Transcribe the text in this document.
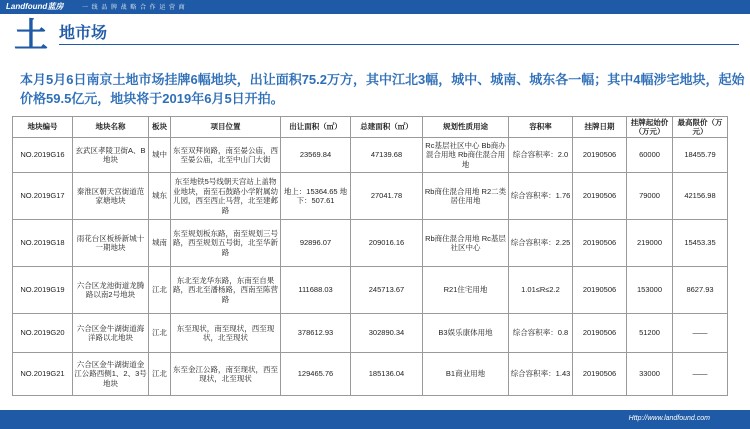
Landfound蓝房	一 线 品 牌 战 略 合 作 运 营 商
土 地市场
本月5月6日南京土地市场挂牌6幅地块，出让面积75.2万方，其中江北3幅，城中、城南、城东各一幅；其中4幅涉宅地块，起始价格59.5亿元，地块将于2019年6月5日开拍。
地块编号	地块名称	板块	项目位置	出让面积（㎡）	总建面积（㎡）	规划性质用途	容积率	挂牌日期	挂牌起始价（万元）	最高限价（万元）
NO.2019G16	玄武区孝陵卫街A、B地块	城中	东至双拜岗路，南至晏公庙，西至晏公庙，北至中山门大街	23569.84	47139.68	Rc基层社区中心 Bb商办混合用地 Rb商住混合用地	综合容积率：2.0	20190506	60000	18455.79
NO.2019G17	秦淮区朝天宫街道范家塘地块	城东	东至地铁5号线朝天宫站上盖物业地块，南至石鼓路小学附属幼儿园，西至西止马营，北至建邺路	地上：15364.65 地下：507.61	27041.78	Rb商住混合用地 R2二类居住用地	综合容积率：1.76	20190506	79000	42156.98
NO.2019G18	雨花台区板桥新城十一期地块	城南	东至规划板东路，南至规划三号路，西至规划五号街，北至华新路	92896.07	209016.16	Rb商住混合用地 Rc基层社区中心	综合容积率：2.25	20190506	219000	15453.35
NO.2019G19	六合区龙池街道龙腾路以南2号地块	江北	东北至龙华东路，东南至自果路，西北至潘杨路，西南至陈营路	111688.03	245713.67	R21住宅用地	1.01≤R≤2.2	20190506	153000	8627.93
NO.2019G20	六合区金牛湖街道海洋路以北地块	江北	东至现状，南至现状，西至现状，北至现状	378612.93	302890.34	B3娱乐康体用地	综合容积率：0.8	20190506	51200	——
NO.2019G21	六合区金牛湖街道金江公路西侧1、2、3号地块	江北	东至金江公路，南至现状，西至现状，北至现状	129465.76	185136.04	B1商业用地	综合容积率：1.43	20190506	33000	——
Http://www.landfound.com
